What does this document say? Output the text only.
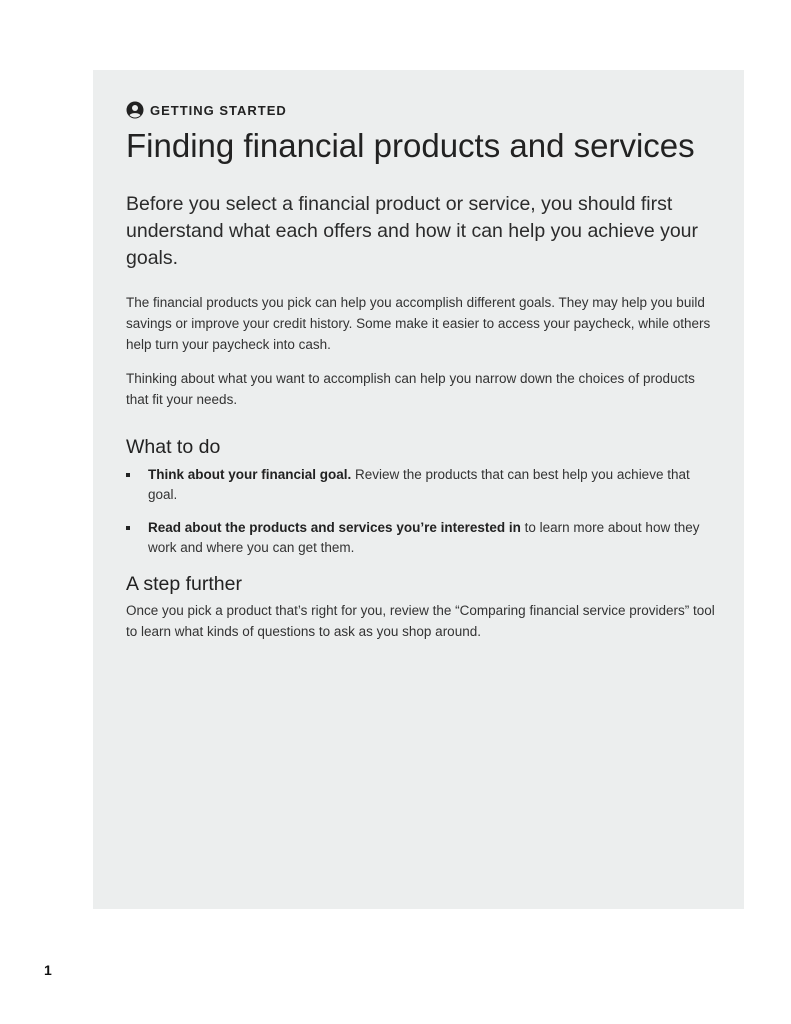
GETTING STARTED
Finding financial products and services

Before you select a financial product or service, you should first understand what each offers and how it can help you achieve your goals.

The financial products you pick can help you accomplish different goals. They may help you build savings or improve your credit history. Some make it easier to access your paycheck, while others help turn your paycheck into cash.

Thinking about what you want to accomplish can help you narrow down the choices of products that fit your needs.

What to do
Think about your financial goal. Review the products that can best help you achieve that goal.
Read about the products and services you’re interested in to learn more about how they work and where you can get them.
A step further

Once you pick a product that’s right for you, review the “Comparing financial service providers” tool to learn what kinds of questions to ask as you shop around.

1
